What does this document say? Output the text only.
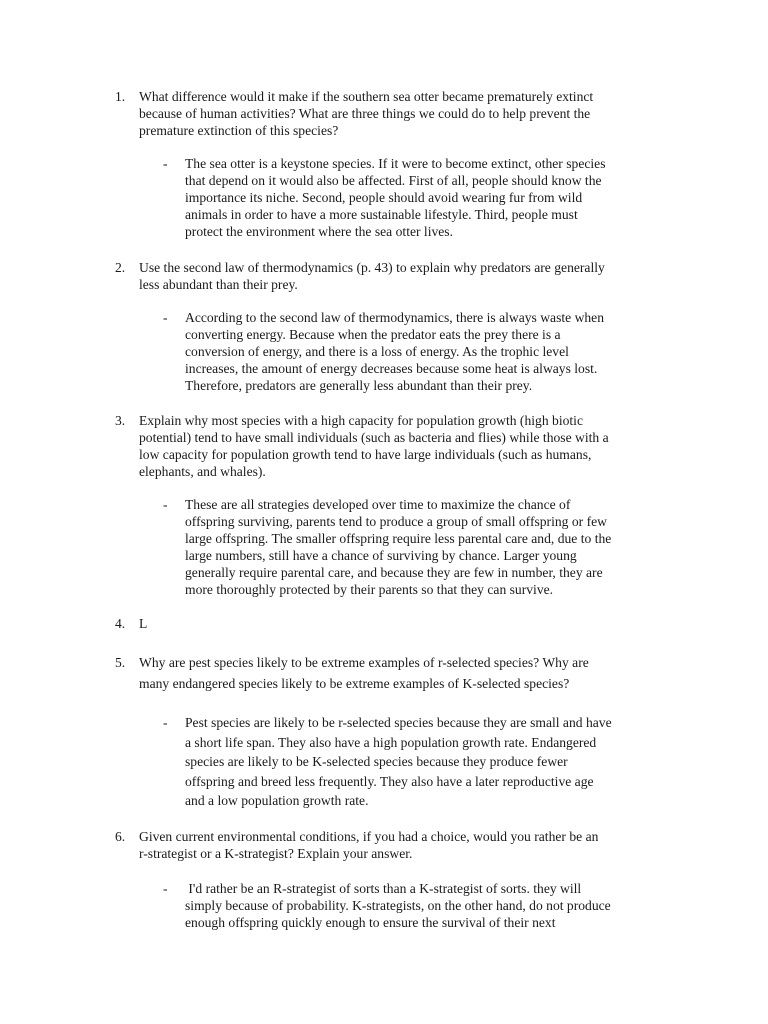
1. What difference would it make if the southern sea otter became prematurely extinct
because of human activities? What are three things we could do to help prevent the
premature extinction of this species?
- The sea otter is a keystone species. If it were to become extinct, other species
that depend on it would also be affected. First of all, people should know the
importance its niche. Second, people should avoid wearing fur from wild
animals in order to have a more sustainable lifestyle. Third, people must
protect the environment where the sea otter lives.
2. Use the second law of thermodynamics (p. 43) to explain why predators are generally
less abundant than their prey.
- According to the second law of thermodynamics, there is always waste when
converting energy. Because when the predator eats the prey there is a
conversion of energy, and there is a loss of energy. As the trophic level
increases, the amount of energy decreases because some heat is always lost.
Therefore, predators are generally less abundant than their prey.
3. Explain why most species with a high capacity for population growth (high biotic
potential) tend to have small individuals (such as bacteria and flies) while those with a
low capacity for population growth tend to have large individuals (such as humans,
elephants, and whales).
- These are all strategies developed over time to maximize the chance of
offspring surviving, parents tend to produce a group of small offspring or few
large offspring. The smaller offspring require less parental care and, due to the
large numbers, still have a chance of surviving by chance. Larger young
generally require parental care, and because they are few in number, they are
more thoroughly protected by their parents so that they can survive.
4. L
5. Why are pest species likely to be extreme examples of r-selected species? Why are
many endangered species likely to be extreme examples of K-selected species?
- Pest species are likely to be r-selected species because they are small and have
a short life span. They also have a high population growth rate. Endangered
species are likely to be K-selected species because they produce fewer
offspring and breed less frequently. They also have a later reproductive age
and a low population growth rate.
6. Given current environmental conditions, if you had a choice, would you rather be an
r-strategist or a K-strategist? Explain your answer.
- I'd rather be an R-strategist of sorts than a K-strategist of sorts. they will
simply because of probability. K-strategists, on the other hand, do not produce
enough offspring quickly enough to ensure the survival of their next
